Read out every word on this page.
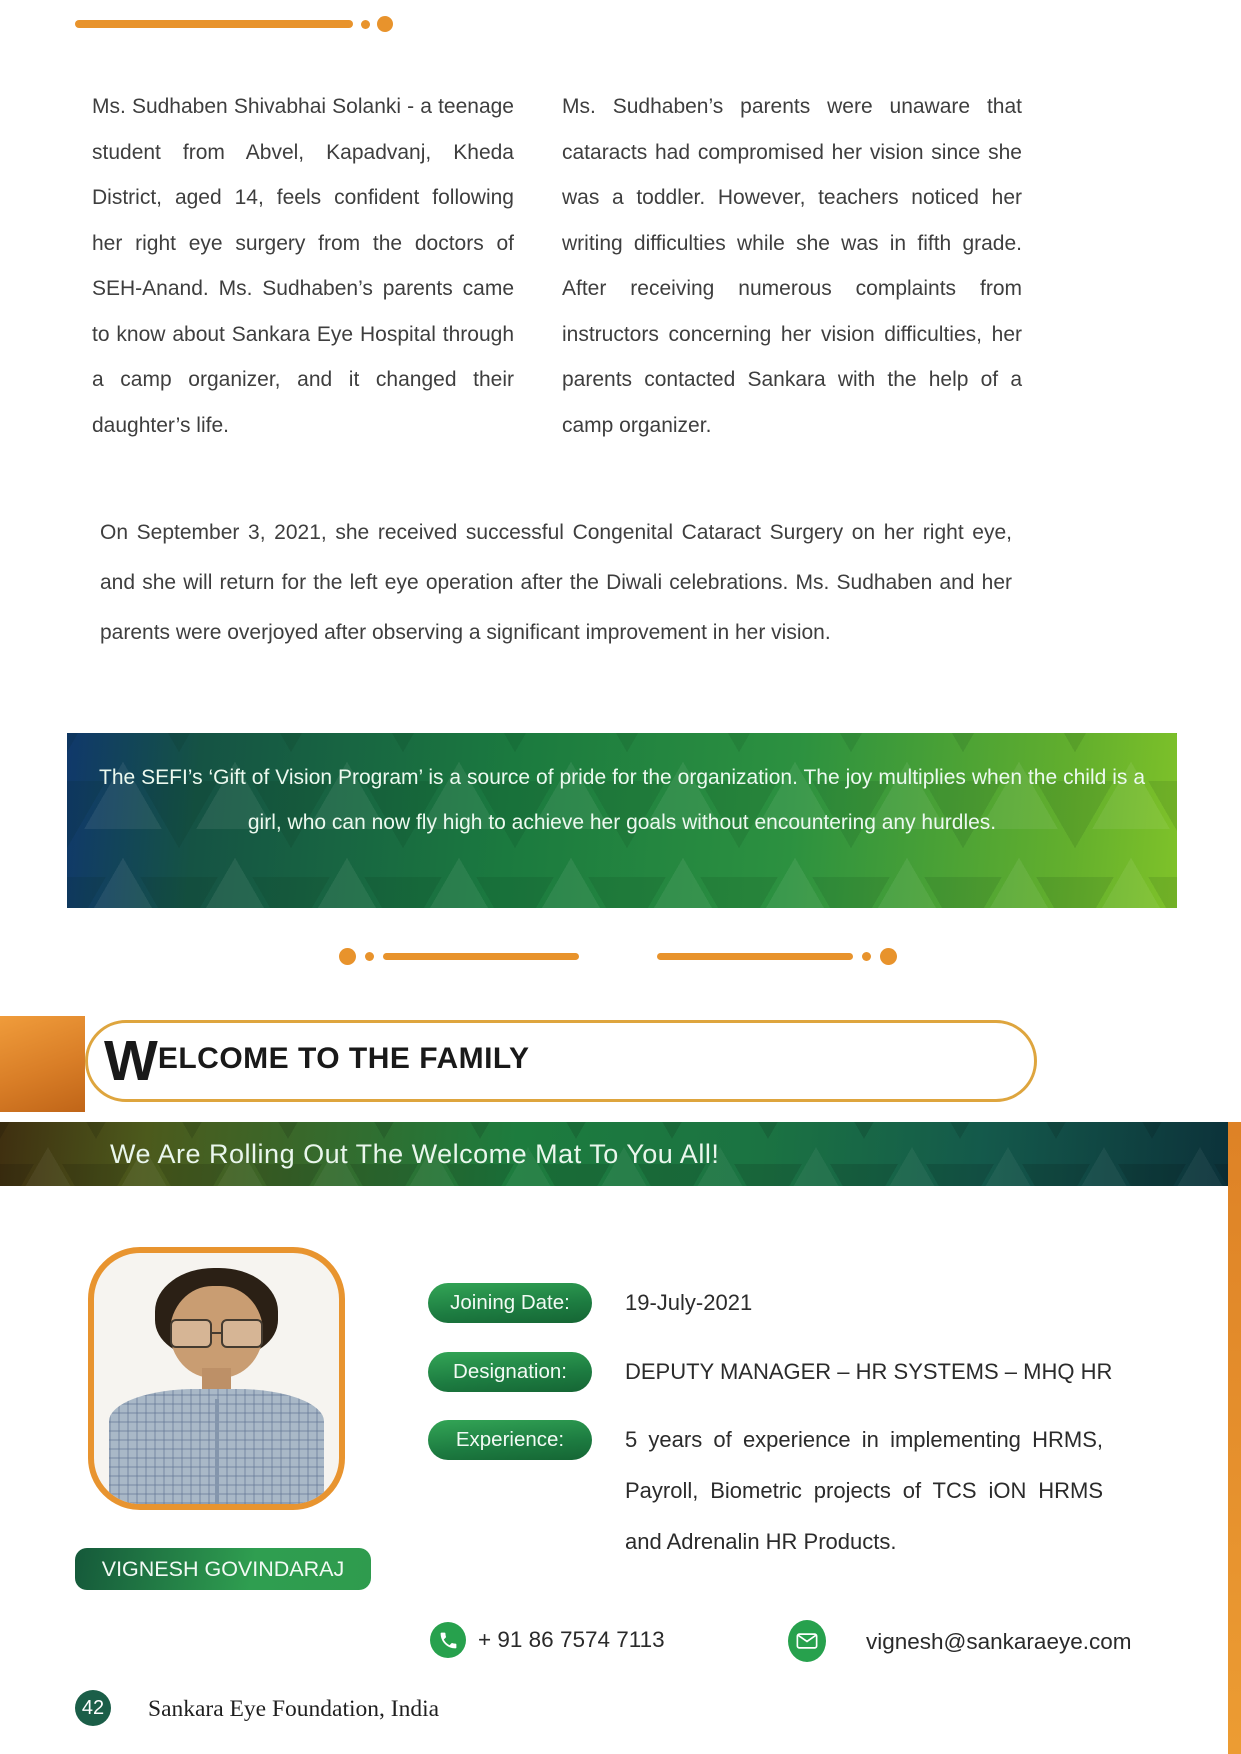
Ms. Sudhaben Shivabhai Solanki - a teenage student from Abvel, Kapadvanj, Kheda District, aged 14, feels confident following her right eye surgery from the doctors of SEH-Anand. Ms. Sudhaben’s parents came to know about Sankara Eye Hospital through a camp organizer, and it changed their daughter’s life.
Ms. Sudhaben’s parents were unaware that cataracts had compromised her vision since she was a toddler. However, teachers noticed her writing difficulties while she was in fifth grade. After receiving numerous complaints from instructors concerning her vision difficulties, her parents contacted Sankara with the help of a camp organizer.
On September 3, 2021, she received successful Congenital Cataract Surgery on her right eye, and she will return for the left eye operation after the Diwali celebrations. Ms. Sudhaben and her parents were overjoyed after observing a significant improvement in her vision.
The SEFI’s ‘Gift of Vision Program’ is a source of pride for the organization. The joy multiplies when the child is a girl, who can now fly high to achieve her goals without encountering any hurdles.
W ELCOME TO THE FAMILY
We Are Rolling Out The Welcome Mat To You All!
VIGNESH GOVINDARAJ
Joining Date:	19-July-2021
Designation:	DEPUTY MANAGER – HR SYSTEMS – MHQ HR
Experience:	5 years of experience in implementing HRMS, Payroll, Biometric projects of TCS iON HRMS and Adrenalin HR Products.
+ 91 86 7574 7113	vignesh@sankaraeye.com
42 Sankara Eye Foundation, India
